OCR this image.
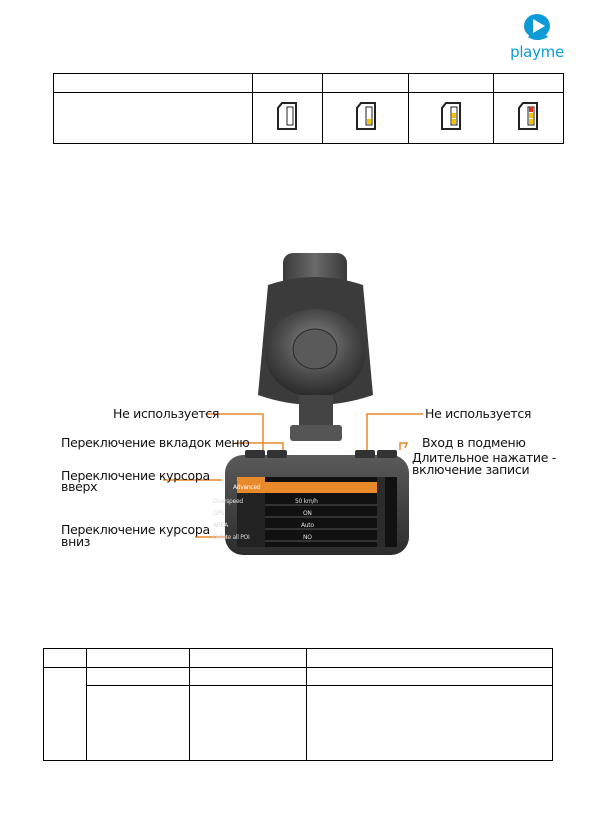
playme

Advanced
Overspeed	50 km/h
GPS	ON
AREA	Auto
Delete all POI	NO
Не используется
Переключение вкладок меню
Переключение курсора
вверх
Переключение курсора
вниз
Не используется
Вход в подменю
Длительное нажатие -
включение записи
